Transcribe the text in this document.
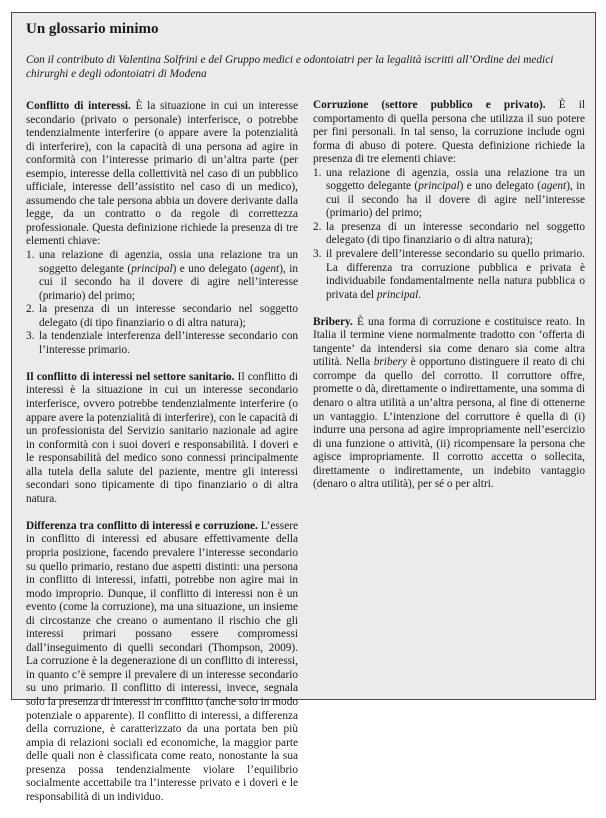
Un glossario minimo

Con il contributo di Valentina Solfrini e del Gruppo medici e odontoiatri per la legalità iscritti all’Ordine dei medici chirurghi e degli odontoiatri di Modena

Conflitto di interessi. È la situazione in cui un interesse secondario (privato o personale) interferisce, o potrebbe tendenzialmente interferire (o appare avere la potenzialità di interferire), con la capacità di una persona ad agire in conformità con l’interesse primario di un’altra parte (per esempio, interesse della collettività nel caso di un pubblico ufficiale, interesse dell’assistito nel caso di un medico), assumendo che tale persona abbia un dovere derivante dalla legge, da un contratto o da regole di correttezza professionale. Questa definizione richiede la presenza di tre elementi chiave:

1. una relazione di agenzia, ossia una relazione tra un soggetto delegante (principal) e uno delegato (agent), in cui il secondo ha il dovere di agire nell’interesse (primario) del primo;
2. la presenza di un interesse secondario nel soggetto delegato (di tipo finanziario o di altra natura);
3. la tendenziale interferenza dell’interesse secondario con l’interesse primario.

Il conflitto di interessi nel settore sanitario. Il conflitto di interessi è la situazione in cui un interesse secondario interferisce, ovvero potrebbe tendenzialmente interferire (o appare avere la potenzialità di interferire), con le capacità di un professionista del Servizio sanitario nazionale ad agire in conformità con i suoi doveri e responsabilità. I doveri e le responsabilità del medico sono connessi principalmente alla tutela della salute del paziente, mentre gli interessi secondari sono tipicamente di tipo finanziario o di altra natura.

Differenza tra conflitto di interessi e corruzione. L’essere in conflitto di interessi ed abusare effettivamente della propria posizione, facendo prevalere l’interesse secondario su quello primario, restano due aspetti distinti: una persona in conflitto di interessi, infatti, potrebbe non agire mai in modo improprio. Dunque, il conflitto di interessi non è un evento (come la corruzione), ma una situazione, un insieme di circostanze che creano o aumentano il rischio che gli interessi primari possano essere compromessi dall’inseguimento di quelli secondari (Thompson, 2009). La corruzione è la degenerazione di un conflitto di interessi, in quanto c’è sempre il prevalere di un interesse secondario su uno primario. Il conflitto di interessi, invece, segnala solo la presenza di interessi in conflitto (anche solo in modo potenziale o apparente). Il conflitto di interessi, a differenza della corruzione, è caratterizzato da una portata ben più ampia di relazioni sociali ed economiche, la maggior parte delle quali non è classificata come reato, nonostante la sua presenza possa tendenzialmente violare l’equilibrio socialmente accettabile tra l’interesse privato e i doveri e le responsabilità di un individuo.

Corruzione (settore pubblico e privato). È il comportamento di quella persona che utilizza il suo potere per fini personali. In tal senso, la corruzione include ogni forma di abuso di potere. Questa definizione richiede la presenza di tre elementi chiave:

1. una relazione di agenzia, ossia una relazione tra un soggetto delegante (principal) e uno delegato (agent), in cui il secondo ha il dovere di agire nell’interesse (primario) del primo;
2. la presenza di un interesse secondario nel soggetto delegato (di tipo finanziario o di altra natura);
3. il prevalere dell’interesse secondario su quello primario. La differenza tra corruzione pubblica e privata è individuabile fondamentalmente nella natura pubblica o privata del principal.

Bribery. È una forma di corruzione e costituisce reato. In Italia il termine viene normalmente tradotto con ‘offerta di tangente’ da intendersi sia come denaro sia come altra utilità. Nella bribery è opportuno distinguere il reato di chi corrompe da quello del corrotto. Il corruttore offre, promette o dà, direttamente o indirettamente, una somma di denaro o altra utilità a un’altra persona, al fine di ottenerne un vantaggio. L’intenzione del corruttore è quella di (i) indurre una persona ad agire impropriamente nell’esercizio di una funzione o attività, (ii) ricompensare la persona che agisce impropriamente. Il corrotto accetta o sollecita, direttamente o indirettamente, un indebito vantaggio (denaro o altra utilità), per sé o per altri.
